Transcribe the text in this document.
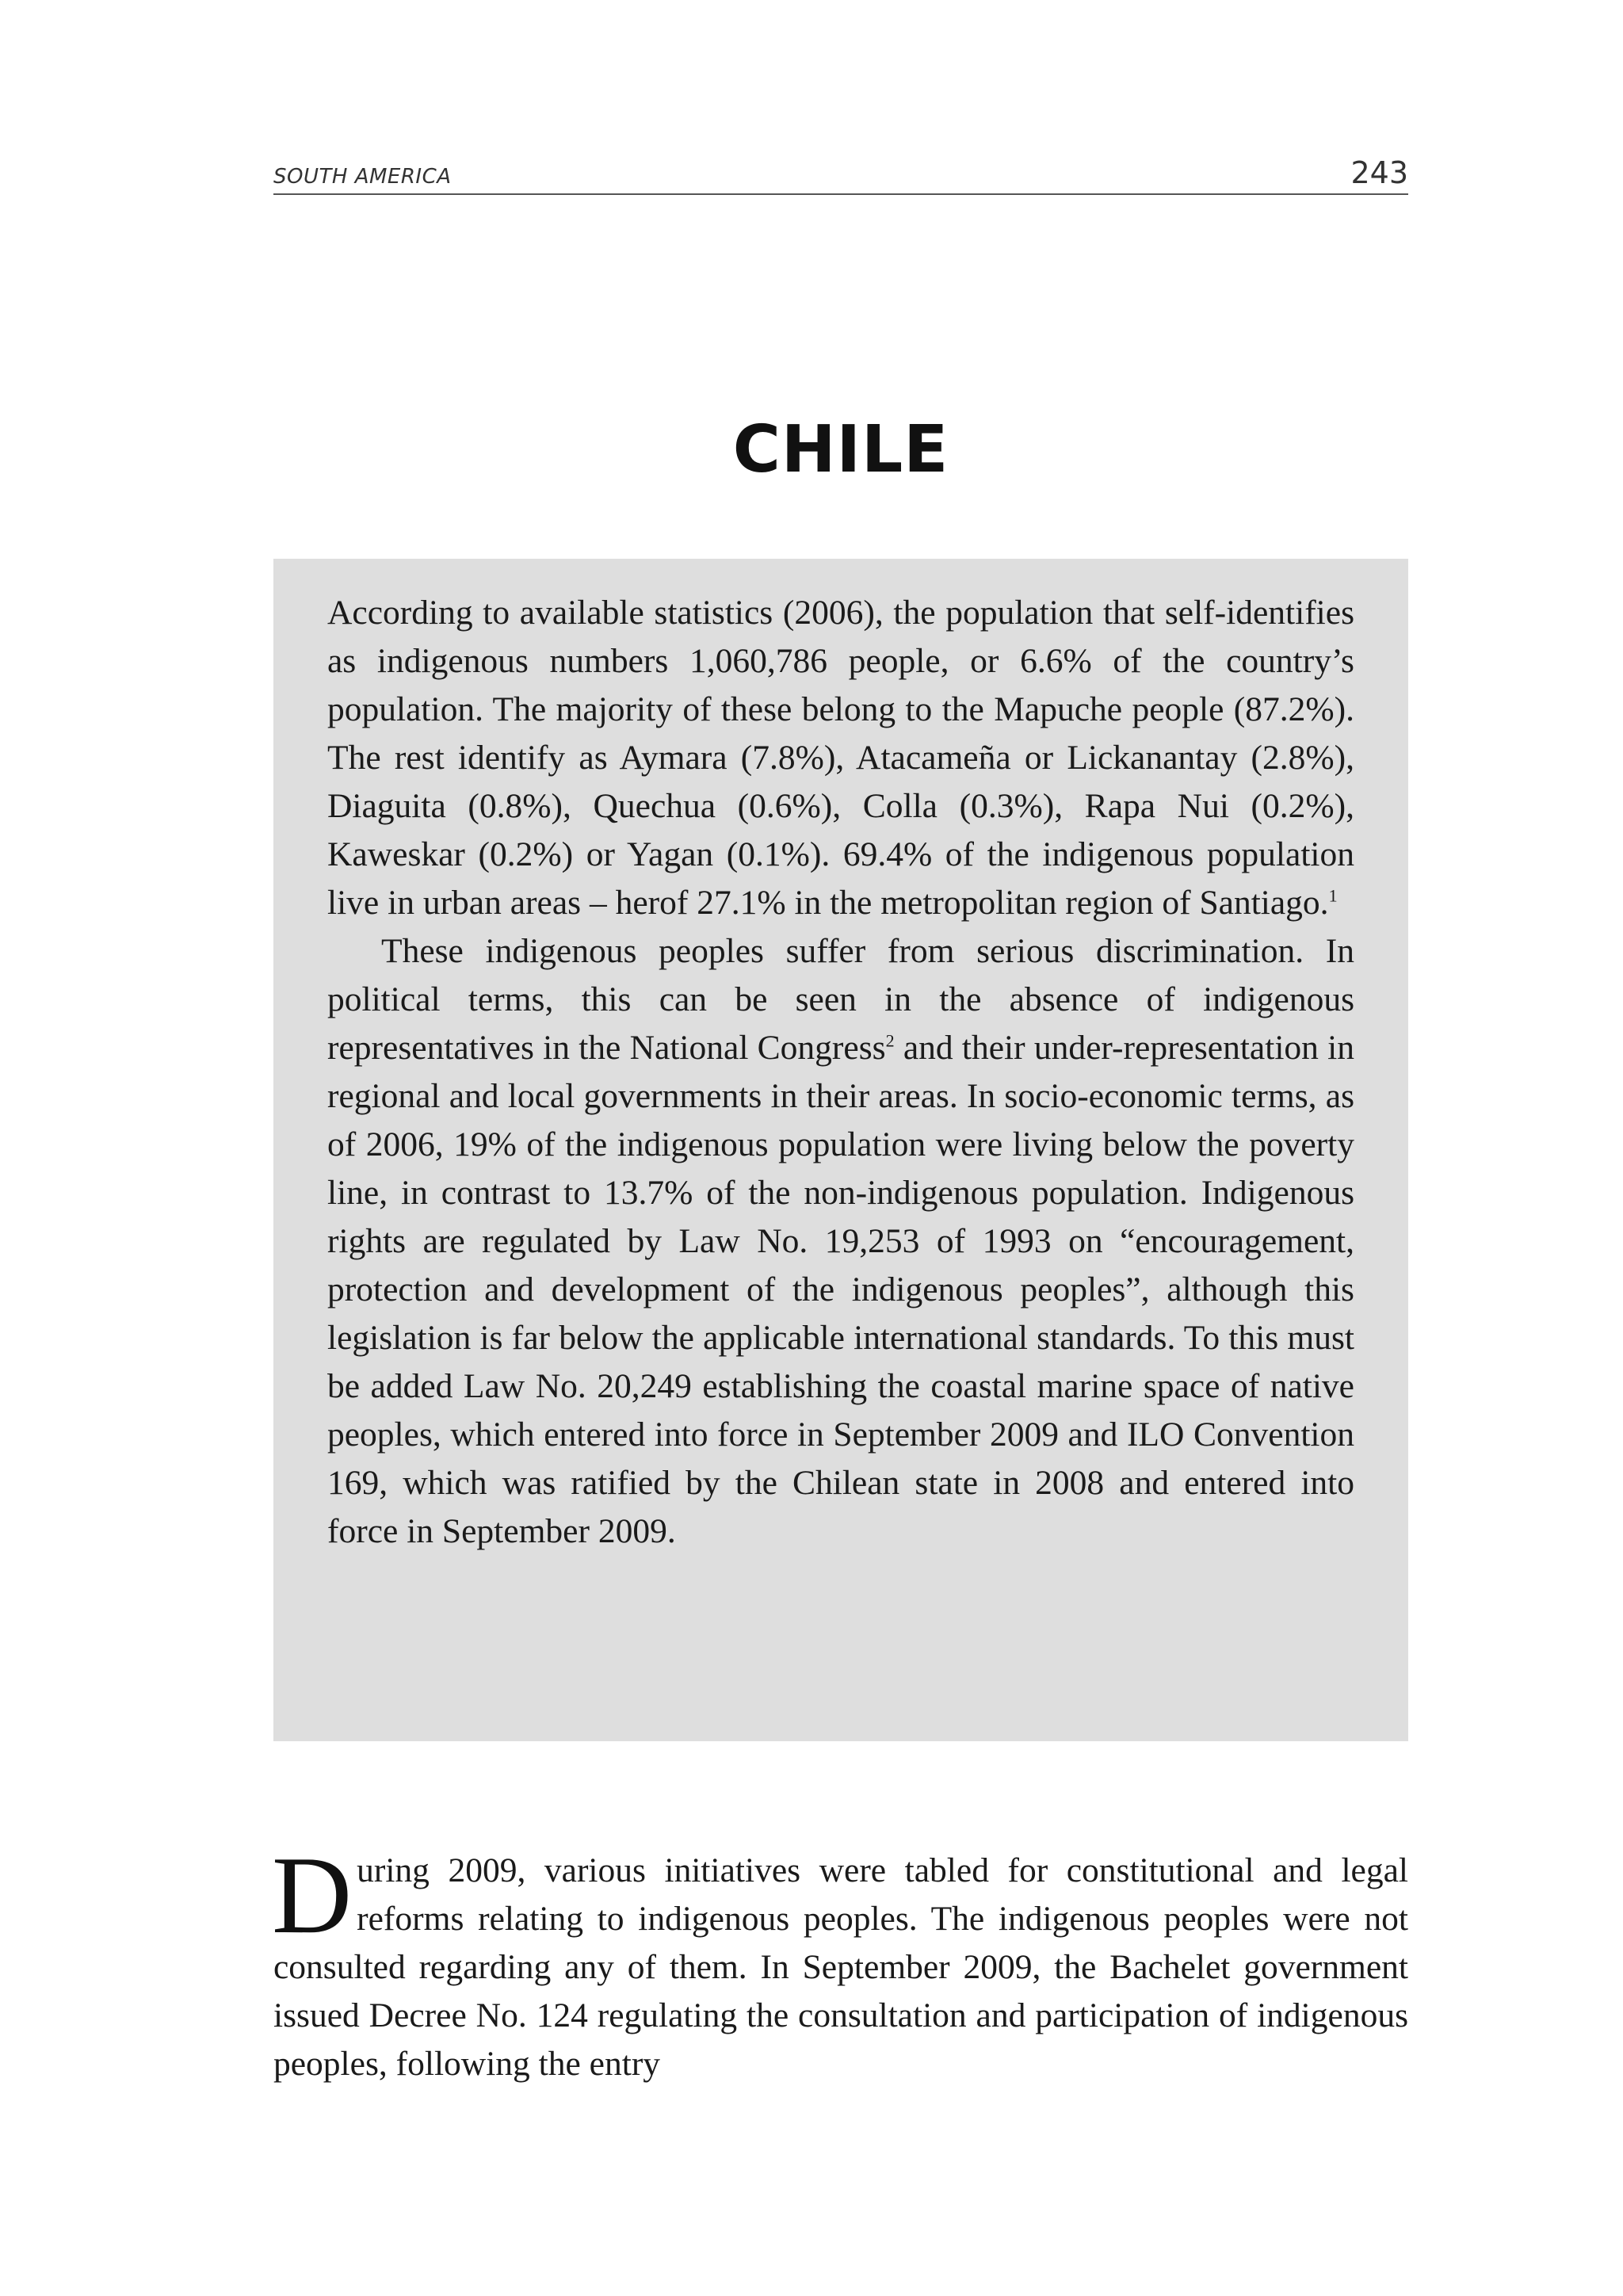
SOUTH AMERICA	243
CHILE

According to available statistics (2006), the population that self-identifies as indigenous numbers 1,060,786 people, or 6.6% of the country’s population. The majority of these belong to the Mapuche people (87.2%). The rest identify as Aymara (7.8%), Atacameña or Lickanantay (2.8%), Diaguita (0.8%), Quechua (0.6%), Colla (0.3%), Rapa Nui (0.2%), Kaweskar (0.2%) or Yagan (0.1%). 69.4% of the indigenous population live in urban areas – herof 27.1% in the metropolitan region of Santiago.$^1$

These indigenous peoples suffer from serious discrimination. In political terms, this can be seen in the absence of indigenous representatives in the National Congress$^2$ and their under-representation in regional and local governments in their areas. In socio-economic terms, as of 2006, 19% of the indigenous population were living below the poverty line, in contrast to 13.7% of the non-indigenous population. Indigenous rights are regulated by Law No. 19,253 of 1993 on “encouragement, protection and development of the indigenous peoples”, although this legislation is far below the applicable international standards. To this must be added Law No. 20,249 establishing the coastal marine space of native peoples, which entered into force in September 2009 and ILO Convention 169, which was ratified by the Chilean state in 2008 and entered into force in September 2009.

During 2009, various initiatives were tabled for constitutional and legal reforms relating to indigenous peoples. The indigenous peoples were not consulted regarding any of them. In September 2009, the Bachelet government issued Decree No. 124 regulating the consultation and participation of indigenous peoples, following the entry
